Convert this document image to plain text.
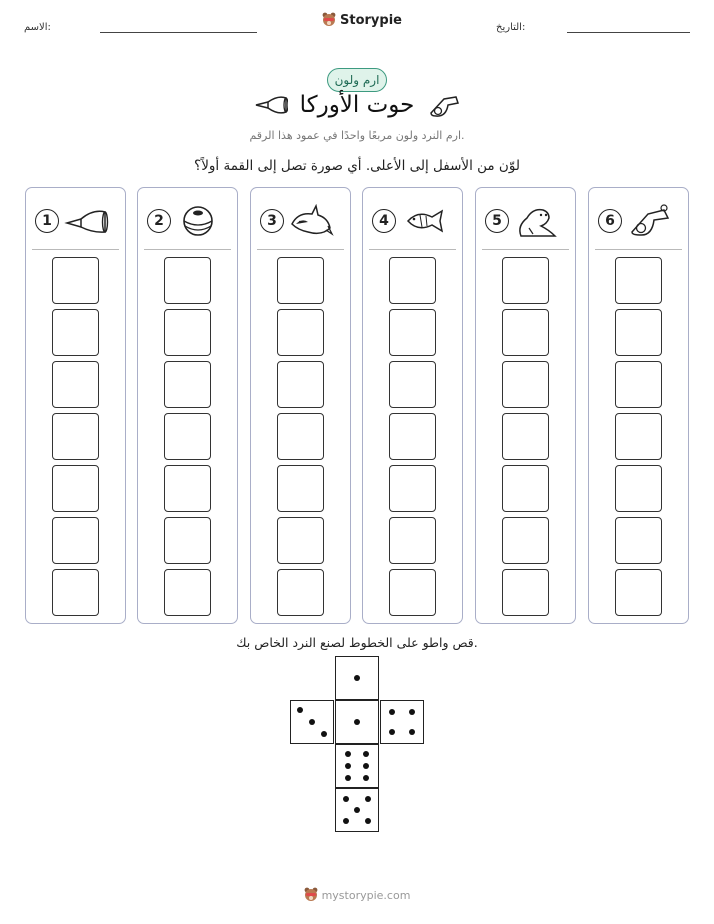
الاسم:	Storypie	التاريخ:
ارم ولون
حوت الأوركا
ارم النرد ولون مربعًا واحدًا في عمود هذا الرقم.
لوّن من الأسفل إلى الأعلى. أي صورة تصل إلى القمة أولاً؟
1	2	3	4	5	6
قص واطو على الخطوط لصنع النرد الخاص بك.
mystorypie.com
